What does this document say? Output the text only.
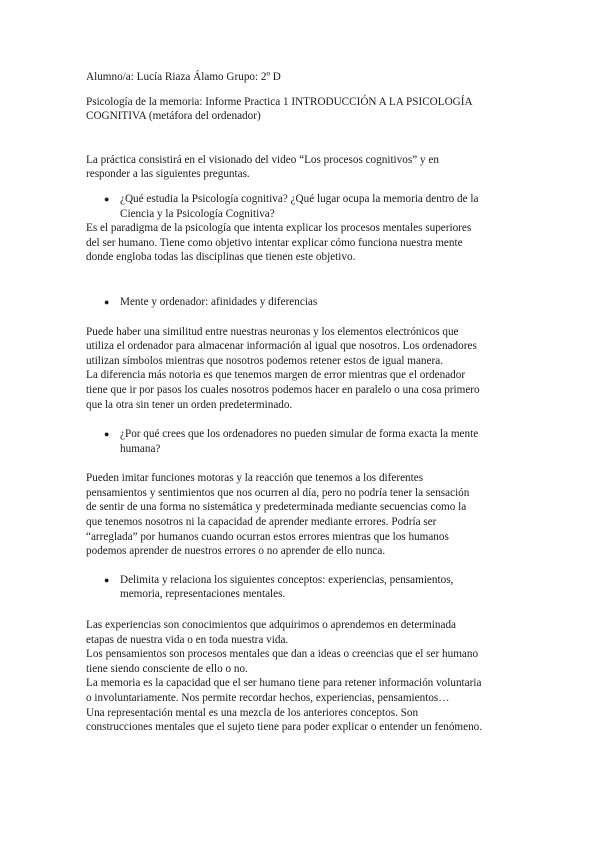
Alumno/a: Lucía Riaza Álamo Grupo: 2º D

Psicología de la memoria: Informe Practica 1 INTRODUCCIÓN A LA PSICOLOGÍA

COGNITIVA (metáfora del ordenador)

La práctica consistirá en el visionado del video “Los procesos cognitivos” y en

responder a las siguientes preguntas.

● ¿Qué estudia la Psicología cognitiva? ¿Qué lugar ocupa la memoria dentro de la

Ciencia y la Psicología Cognitiva?

Es el paradigma de la psicología que intenta explicar los procesos mentales superiores

del ser humano. Tiene como objetivo intentar explicar cómo funciona nuestra mente

donde engloba todas las disciplinas que tienen este objetivo.

● Mente y ordenador: afinidades y diferencias

Puede haber una similitud entre nuestras neuronas y los elementos electrónicos que

utiliza el ordenador para almacenar información al igual que nosotros. Los ordenadores

utilizan símbolos mientras que nosotros podemos retener estos de igual manera.

La diferencia más notoria es que tenemos margen de error mientras que el ordenador

tiene que ir por pasos los cuales nosotros podemos hacer en paralelo o una cosa primero

que la otra sin tener un orden predeterminado.

● ¿Por qué crees que los ordenadores no pueden simular de forma exacta la mente

humana?

Pueden imitar funciones motoras y la reacción que tenemos a los diferentes

pensamientos y sentimientos que nos ocurren al día, pero no podría tener la sensación

de sentir de una forma no sistemática y predeterminada mediante secuencias como la

que tenemos nosotros ni la capacidad de aprender mediante errores. Podría ser

“arreglada” por humanos cuando ocurran estos errores mientras que los humanos

podemos aprender de nuestros errores o no aprender de ello nunca.

● Delimita y relaciona los siguientes conceptos: experiencias, pensamientos,

memoria, representaciones mentales.

Las experiencias son conocimientos que adquirimos o aprendemos en determinada

etapas de nuestra vida o en toda nuestra vida.

Los pensamientos son procesos mentales que dan a ideas o creencias que el ser humano

tiene siendo consciente de ello o no.

La memoria es la capacidad que el ser humano tiene para retener información voluntaria

o involuntariamente. Nos permite recordar hechos, experiencias, pensamientos…

Una representación mental es una mezcla de los anteriores conceptos. Son

construcciones mentales que el sujeto tiene para poder explicar o entender un fenómeno.
